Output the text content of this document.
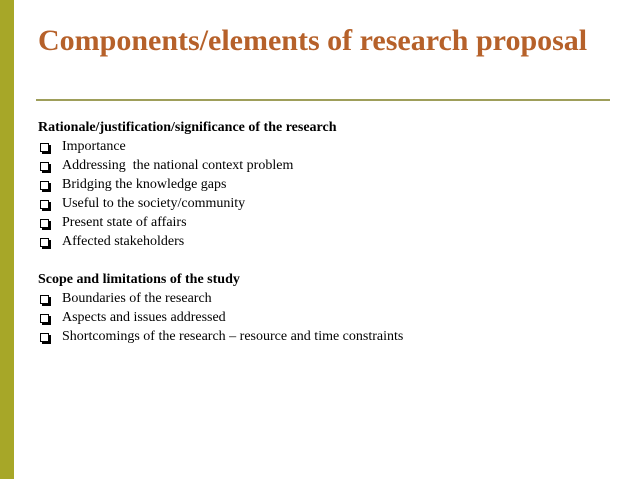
Components/elements of research proposal

Rationale/justification/significance of the research

Importance
Addressing  the national context problem
Bridging the knowledge gaps
Useful to the society/community
Present state of affairs
Affected stakeholders

Scope and limitations of the study

Boundaries of the research
Aspects and issues addressed
Shortcomings of the research – resource and time constraints
